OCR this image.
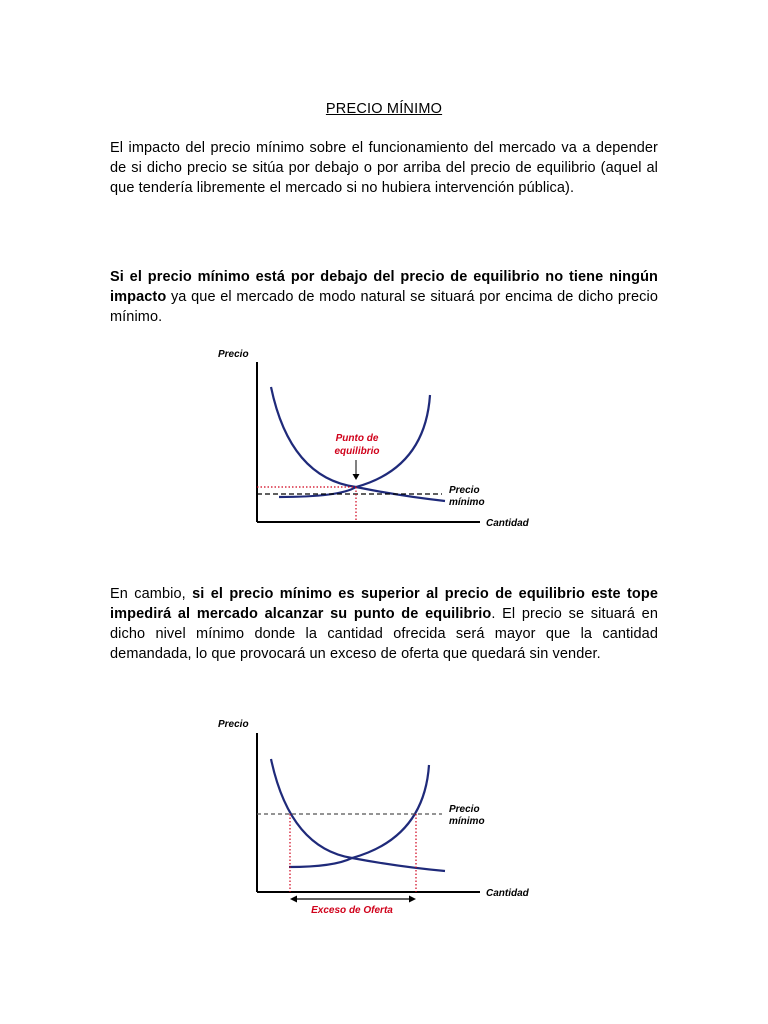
PRECIO MÍNIMO
El impacto del precio mínimo sobre el funcionamiento del mercado va a depender de si dicho precio se sitúa por debajo o por arriba del precio de equilibrio (aquel al que tendería libremente el mercado si no hubiera intervención pública).
Si el precio mínimo está por debajo del precio de equilibrio no tiene ningún impacto ya que el mercado de modo natural se situará por encima de dicho precio mínimo.
Precio
Cantidad
Punto de
equilibrio
Precio
mínimo
En cambio, si el precio mínimo es superior al precio de equilibrio este tope impedirá al mercado alcanzar su punto de equilibrio. El precio se situará en dicho nivel mínimo donde la cantidad ofrecida será mayor que la cantidad demandada, lo que provocará un exceso de oferta que quedará sin vender.
Precio
Cantidad
Precio
mínimo
Exceso de Oferta
